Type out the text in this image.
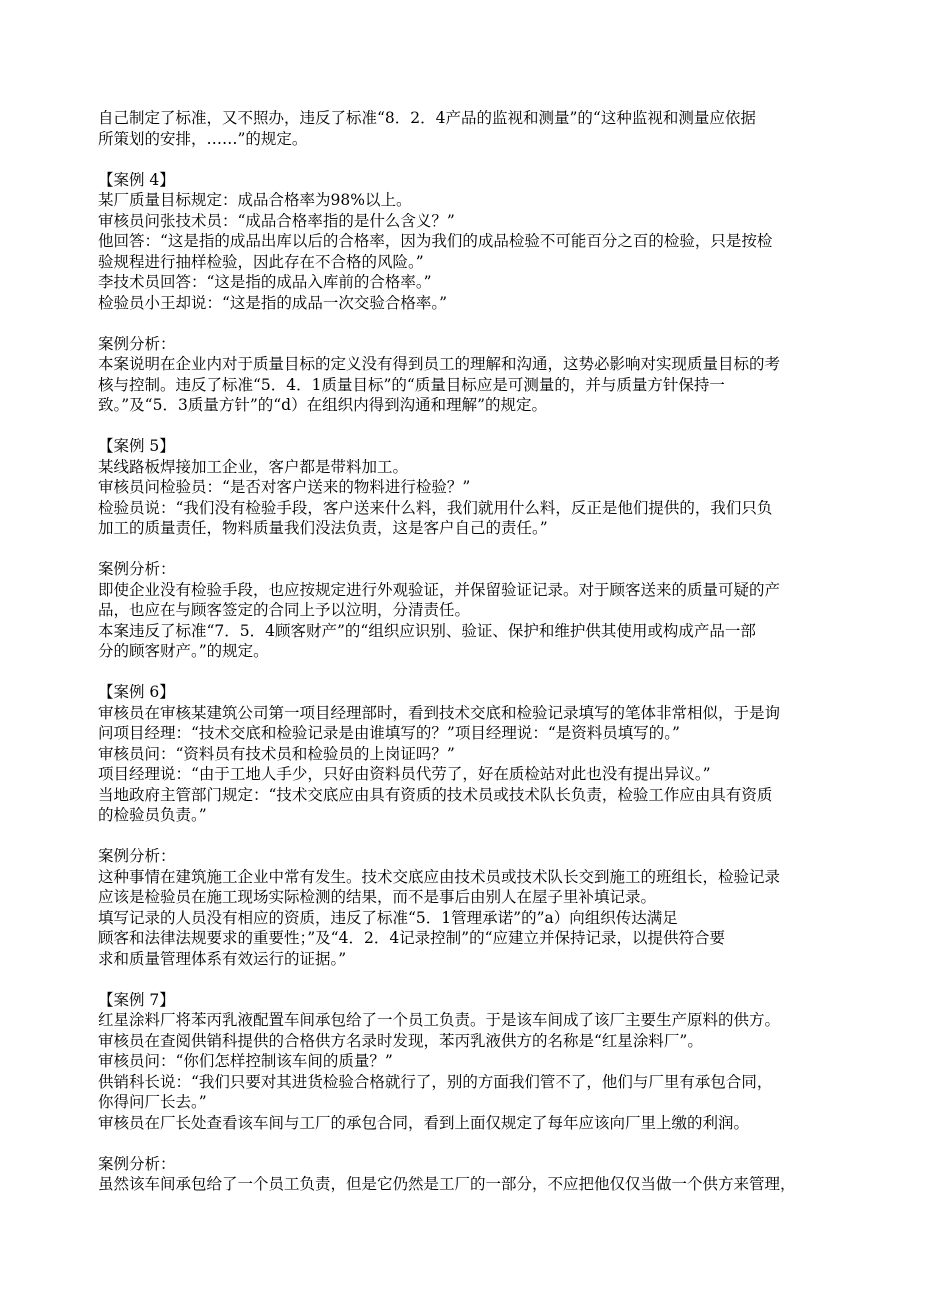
自己制定了标准，又不照办，违反了标准“8．2．4产品的监视和测量”的“这种监视和测量应依据
所策划的安排，……”的规定。
【案例 4】
某厂质量目标规定：成品合格率为98%以上。
审核员问张技术员：“成品合格率指的是什么含义？”
他回答：“这是指的成品出库以后的合格率，因为我们的成品检验不可能百分之百的检验，只是按检
验规程进行抽样检验，因此存在不合格的风险。”
李技术员回答：“这是指的成品入库前的合格率。”
检验员小王却说：“这是指的成品一次交验合格率。”
案例分析：
本案说明在企业内对于质量目标的定义没有得到员工的理解和沟通，这势必影响对实现质量目标的考
核与控制。违反了标准“5．4．1质量目标”的“质量目标应是可测量的，并与质量方针保持一
致。”及“5．3质量方针”的“d）在组织内得到沟通和理解”的规定。
【案例 5】
某线路板焊接加工企业，客户都是带料加工。
审核员问检验员：“是否对客户送来的物料进行检验？”
检验员说：“我们没有检验手段，客户送来什么料，我们就用什么料，反正是他们提供的，我们只负
加工的质量责任，物料质量我们没法负责，这是客户自己的责任。”
案例分析：
即使企业没有检验手段，也应按规定进行外观验证，并保留验证记录。对于顾客送来的质量可疑的产
品，也应在与顾客签定的合同上予以泣明，分清责任。
本案违反了标准“7．5．4顾客财产”的“组织应识别、验证、保护和维护供其使用或构成产品一部
分的顾客财产。”的规定。
【案例 6】
审核员在审核某建筑公司第一项目经理部时，看到技术交底和检验记录填写的笔体非常相似，于是询
问项目经理：“技术交底和检验记录是由谁填写的？”项目经理说：“是资料员填写的。”
审核员问：“资料员有技术员和检验员的上岗证吗？”
项目经理说：“由于工地人手少，只好由资料员代劳了，好在质检站对此也没有提出异议。”
当地政府主管部门规定：“技术交底应由具有资质的技术员或技术队长负责，检验工作应由具有资质
的检验员负责。”
案例分析：
这种事情在建筑施工企业中常有发生。技术交底应由技术员或技术队长交到施工的班组长，检验记录
应该是检验员在施工现场实际检测的结果，而不是事后由别人在屋子里补填记录。
填写记录的人员没有相应的资质，违反了标准“5．1管理承诺”的”a）向组织传达满足
顾客和法律法规要求的重要性；”及“4．2．4记录控制”的“应建立并保持记录，以提供符合要
求和质量管理体系有效运行的证据。”
【案例 7】
红星涂料厂将苯丙乳液配置车间承包给了一个员工负责。于是该车间成了该厂主要生产原料的供方。
审核员在查阅供销科提供的合格供方名录时发现，苯丙乳液供方的名称是“红星涂料厂”。
审核员问：“你们怎样控制该车间的质量？”
供销科长说：“我们只要对其进货检验合格就行了，别的方面我们管不了，他们与厂里有承包合同，
你得问厂长去。”
审核员在厂长处查看该车间与工厂的承包合同，看到上面仅规定了每年应该向厂里上缴的利润。
案例分析：
虽然该车间承包给了一个员工负责，但是它仍然是工厂的一部分，不应把他仅仅当做一个供方来管理，
